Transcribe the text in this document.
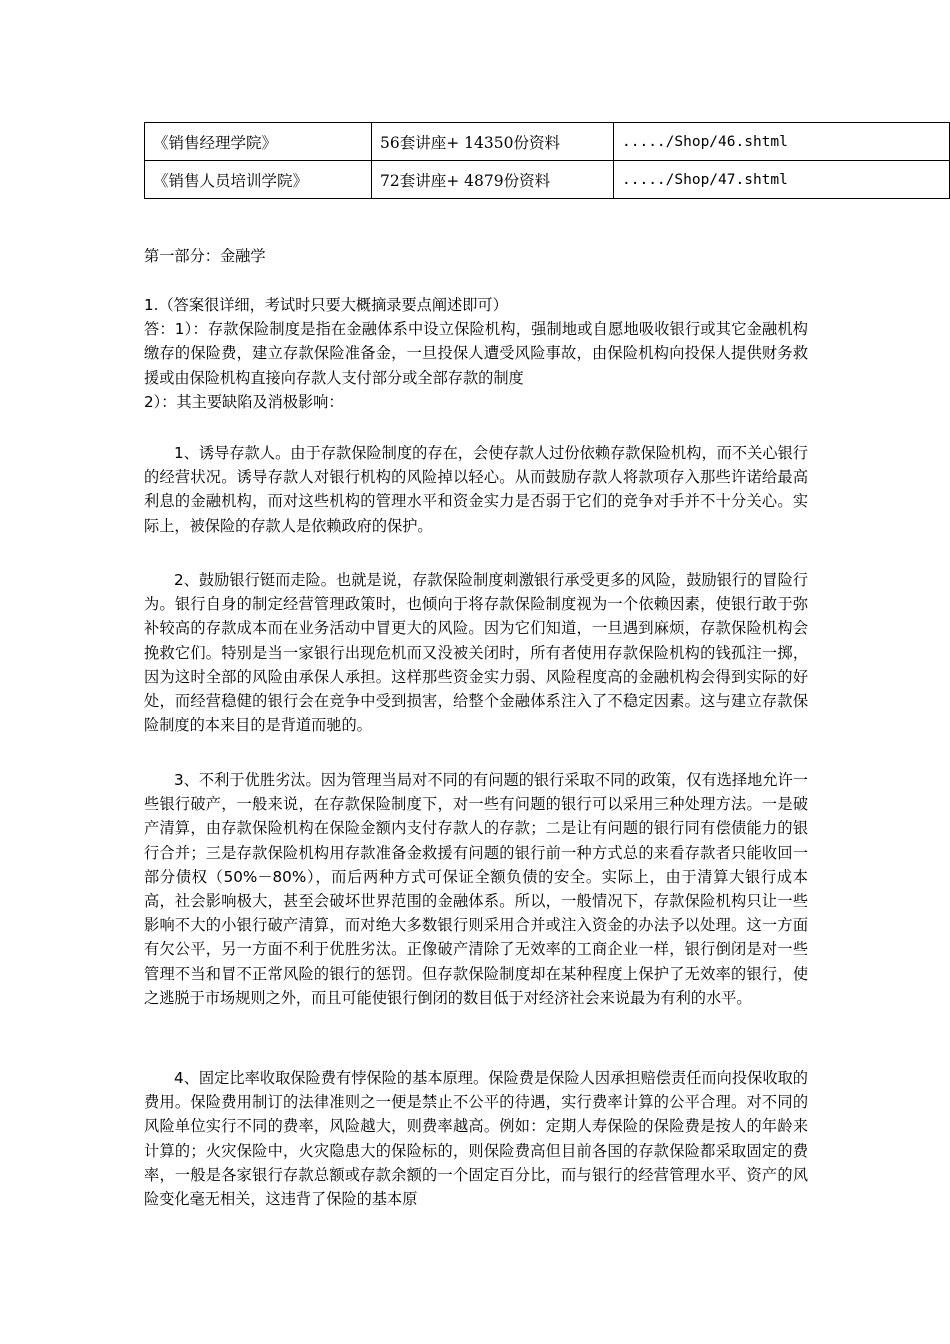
《销售经理学院》	56套讲座+ 14350份资料	...../Shop/46.shtml
《销售人员培训学院》	72套讲座+ 4879份资料	...../Shop/47.shtml

第一部分：金融学

1.（答案很详细，考试时只要大概摘录要点阐述即可）

答：1）：存款保险制度是指在金融体系中设立保险机构，强制地或自愿地吸收银行或其它金融机构缴存的保险费，建立存款保险准备金，一旦投保人遭受风险事故，由保险机构向投保人提供财务救援或由保险机构直接向存款人支付部分或全部存款的制度

2）：其主要缺陷及消极影响：

1、诱导存款人。由于存款保险制度的存在，会使存款人过份依赖存款保险机构，而不关心银行的经营状况。诱导存款人对银行机构的风险掉以轻心。从而鼓励存款人将款项存入那些许诺给最高利息的金融机构，而对这些机构的管理水平和资金实力是否弱于它们的竞争对手并不十分关心。实际上，被保险的存款人是依赖政府的保护。

2、鼓励银行铤而走险。也就是说，存款保险制度刺激银行承受更多的风险，鼓励银行的冒险行为。银行自身的制定经营管理政策时，也倾向于将存款保险制度视为一个依赖因素，使银行敢于弥补较高的存款成本而在业务活动中冒更大的风险。因为它们知道，一旦遇到麻烦，存款保险机构会挽救它们。特别是当一家银行出现危机而又没被关闭时，所有者使用存款保险机构的钱孤注一掷，因为这时全部的风险由承保人承担。这样那些资金实力弱、风险程度高的金融机构会得到实际的好处，而经营稳健的银行会在竞争中受到损害，给整个金融体系注入了不稳定因素。这与建立存款保险制度的本来目的是背道而驰的。

3、不利于优胜劣汰。因为管理当局对不同的有问题的银行采取不同的政策，仅有选择地允许一些银行破产，一般来说，在存款保险制度下，对一些有问题的银行可以采用三种处理方法。一是破产清算，由存款保险机构在保险金额内支付存款人的存款；二是让有问题的银行同有偿债能力的银行合并；三是存款保险机构用存款准备金救援有问题的银行前一种方式总的来看存款者只能收回一部分债权（50%－80%），而后两种方式可保证全额负债的安全。实际上，由于清算大银行成本高，社会影响极大，甚至会破坏世界范围的金融体系。所以，一般情况下，存款保险机构只让一些影响不大的小银行破产清算，而对绝大多数银行则采用合并或注入资金的办法予以处理。这一方面有欠公平，另一方面不利于优胜劣汰。正像破产清除了无效率的工商企业一样，银行倒闭是对一些管理不当和冒不正常风险的银行的惩罚。但存款保险制度却在某种程度上保护了无效率的银行，使之逃脱于市场规则之外，而且可能使银行倒闭的数目低于对经济社会来说最为有利的水平。

4、固定比率收取保险费有悖保险的基本原理。保险费是保险人因承担赔偿责任而向投保收取的费用。保险费用制订的法律准则之一便是禁止不公平的待遇，实行费率计算的公平合理。对不同的风险单位实行不同的费率，风险越大，则费率越高。例如：定期人寿保险的保险费是按人的年龄来计算的；火灾保险中，火灾隐患大的保险标的，则保险费高但目前各国的存款保险都采取固定的费率，一般是各家银行存款总额或存款余额的一个固定百分比，而与银行的经营管理水平、资产的风险变化毫无相关，这违背了保险的基本原
